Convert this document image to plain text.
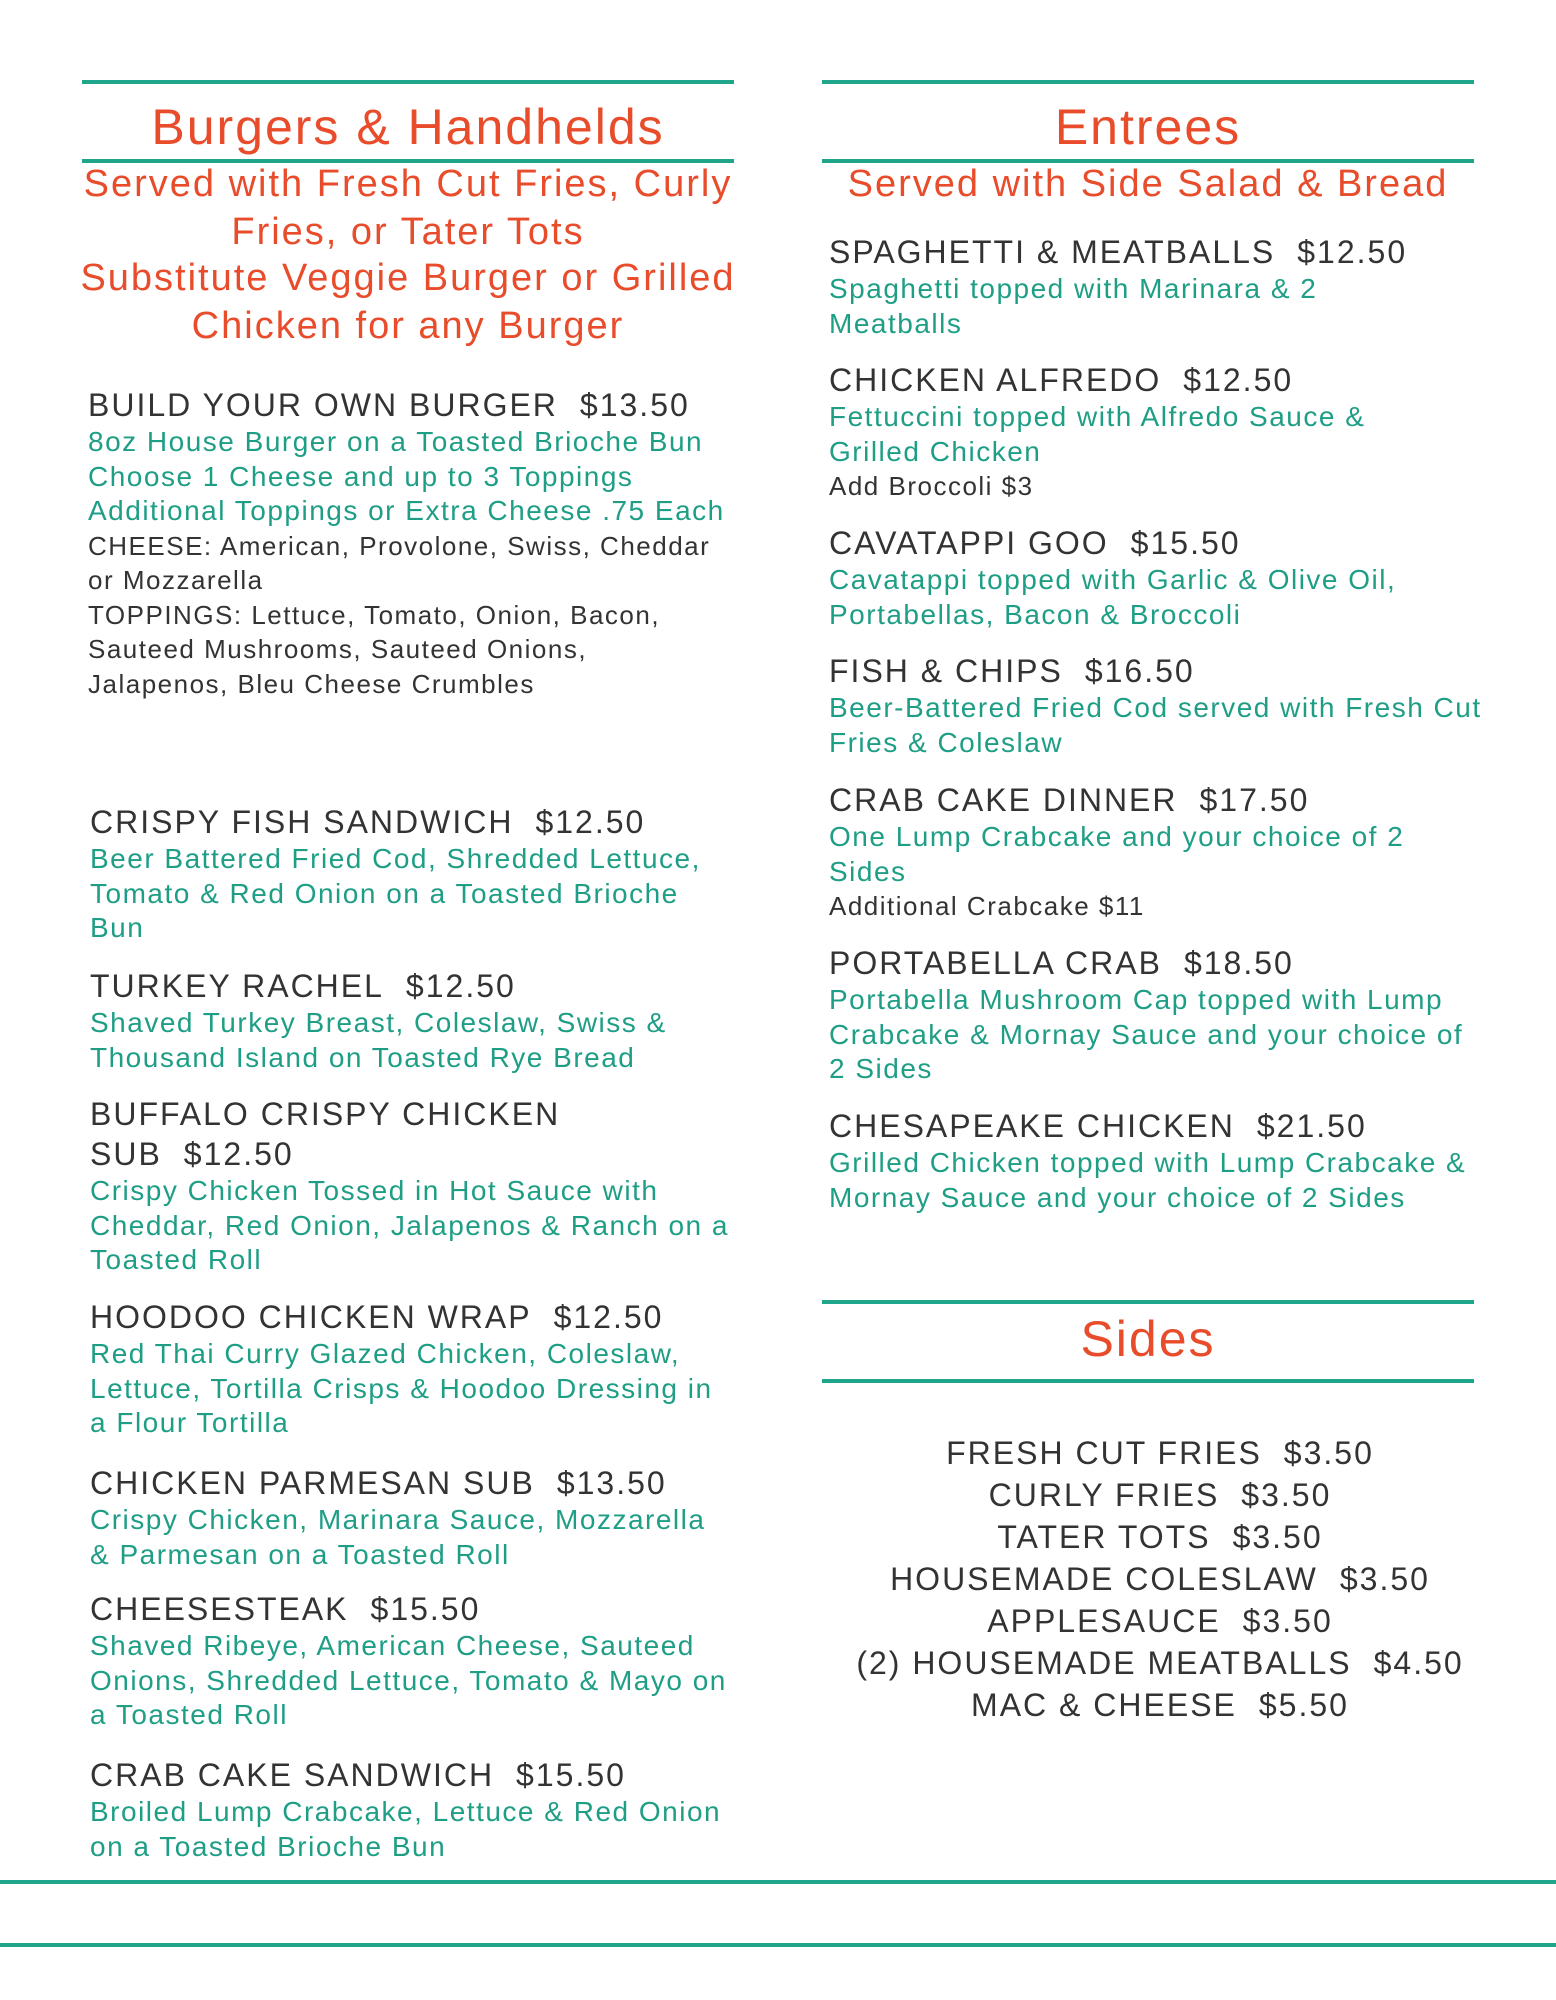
Burgers & Handhelds
Served with Fresh Cut Fries, Curly Fries, or Tater Tots
Substitute Veggie Burger or Grilled Chicken for any Burger

BUILD YOUR OWN BURGER $13.50

8oz House Burger on a Toasted Brioche Bun

Choose 1 Cheese and up to 3 Toppings

Additional Toppings or Extra Cheese .75 Each

CHEESE: American, Provolone, Swiss, Cheddar or Mozzarella

TOPPINGS: Lettuce, Tomato, Onion, Bacon, Sauteed Mushrooms, Sauteed Onions, Jalapenos, Bleu Cheese Crumbles

CRISPY FISH SANDWICH $12.50

Beer Battered Fried Cod, Shredded Lettuce, Tomato & Red Onion on a Toasted Brioche Bun

TURKEY RACHEL $12.50

Shaved Turkey Breast, Coleslaw, Swiss & Thousand Island on Toasted Rye Bread

BUFFALO CRISPY CHICKEN SUB $12.50

Crispy Chicken Tossed in Hot Sauce with Cheddar, Red Onion, Jalapenos & Ranch on a Toasted Roll

HOODOO CHICKEN WRAP $12.50

Red Thai Curry Glazed Chicken, Coleslaw, Lettuce, Tortilla Crisps & Hoodoo Dressing in a Flour Tortilla

CHICKEN PARMESAN SUB $13.50

Crispy Chicken, Marinara Sauce, Mozzarella & Parmesan on a Toasted Roll

CHEESESTEAK $15.50

Shaved Ribeye, American Cheese, Sauteed Onions, Shredded Lettuce, Tomato & Mayo on a Toasted Roll

CRAB CAKE SANDWICH $15.50

Broiled Lump Crabcake, Lettuce & Red Onion on a Toasted Brioche Bun

Entrees
Served with Side Salad & Bread

SPAGHETTI & MEATBALLS $12.50

Spaghetti topped with Marinara & 2 Meatballs

CHICKEN ALFREDO $12.50

Fettuccini topped with Alfredo Sauce & Grilled Chicken

Add Broccoli $3

CAVATAPPI GOO $15.50

Cavatappi topped with Garlic & Olive Oil, Portabellas, Bacon & Broccoli

FISH & CHIPS $16.50

Beer-Battered Fried Cod served with Fresh Cut Fries & Coleslaw

CRAB CAKE DINNER $17.50

One Lump Crabcake and your choice of 2 Sides

Additional Crabcake $11

PORTABELLA CRAB $18.50

Portabella Mushroom Cap topped with Lump Crabcake & Mornay Sauce and your choice of 2 Sides

CHESAPEAKE CHICKEN $21.50

Grilled Chicken topped with Lump Crabcake & Mornay Sauce and your choice of 2 Sides

Sides
FRESH CUT FRIES $3.50
CURLY FRIES $3.50
TATER TOTS $3.50
HOUSEMADE COLESLAW $3.50
APPLESAUCE $3.50
(2) HOUSEMADE MEATBALLS $4.50
MAC & CHEESE $5.50
